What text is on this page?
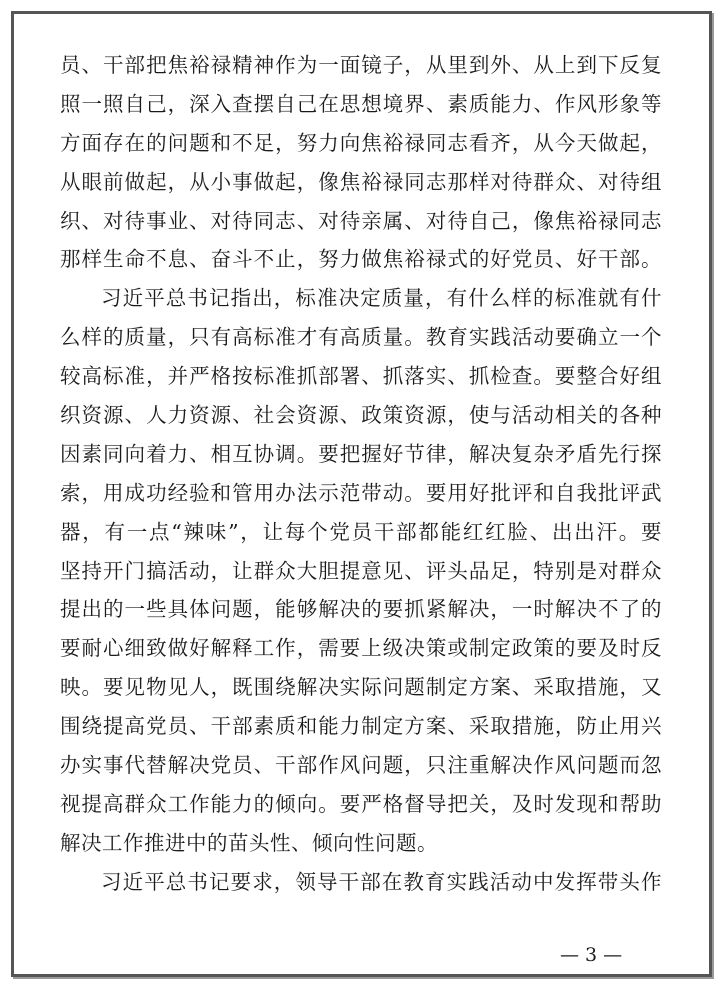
员、干部把焦裕禄精神作为一面镜子，从里到外、从上到下反复
照一照自己，深入查摆自己在思想境界、素质能力、作风形象等
方面存在的问题和不足，努力向焦裕禄同志看齐，从今天做起，
从眼前做起，从小事做起，像焦裕禄同志那样对待群众、对待组
织、对待事业、对待同志、对待亲属、对待自己，像焦裕禄同志
那样生命不息、奋斗不止，努力做焦裕禄式的好党员、好干部。
习近平总书记指出，标准决定质量，有什么样的标准就有什
么样的质量，只有高标准才有高质量。教育实践活动要确立一个
较高标准，并严格按标准抓部署、抓落实、抓检查。要整合好组
织资源、人力资源、社会资源、政策资源，使与活动相关的各种
因素同向着力、相互协调。要把握好节律，解决复杂矛盾先行探
索，用成功经验和管用办法示范带动。要用好批评和自我批评武
器，有一点“辣味”，让每个党员干部都能红红脸、出出汗。要
坚持开门搞活动，让群众大胆提意见、评头品足，特别是对群众
提出的一些具体问题，能够解决的要抓紧解决，一时解决不了的
要耐心细致做好解释工作，需要上级决策或制定政策的要及时反
映。要见物见人，既围绕解决实际问题制定方案、采取措施，又
围绕提高党员、干部素质和能力制定方案、采取措施，防止用兴
办实事代替解决党员、干部作风问题，只注重解决作风问题而忽
视提高群众工作能力的倾向。要严格督导把关，及时发现和帮助
解决工作推进中的苗头性、倾向性问题。
习近平总书记要求，领导干部在教育实践活动中发挥带头作
— 3 —
